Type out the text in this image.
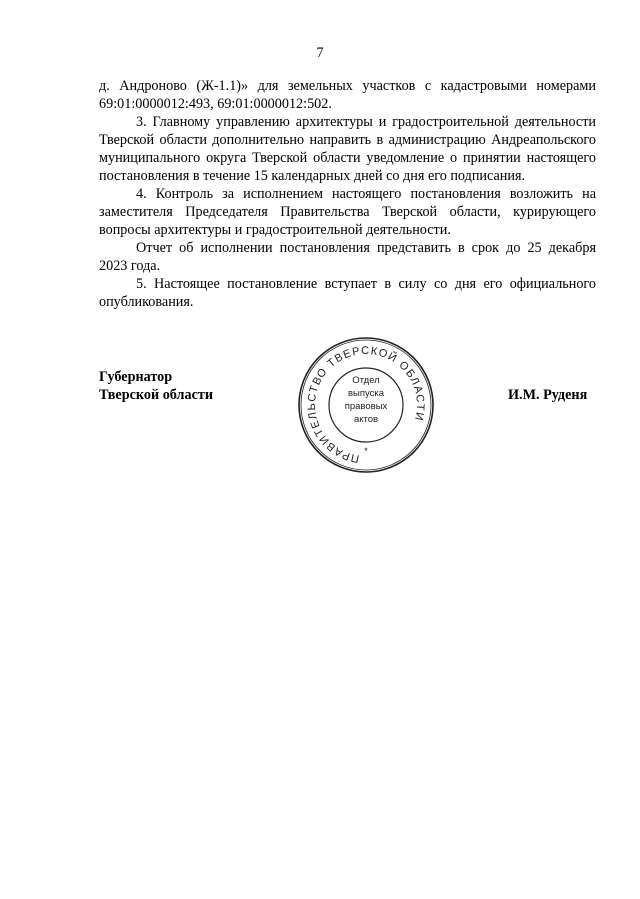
7

д. Андроново (Ж-1.1)» для земельных участков с кадастровыми номерами 69:01:0000012:493, 69:01:0000012:502.

3. Главному управлению архитектуры и градостроительной деятельности Тверской области дополнительно направить в администрацию Андреапольского муниципального округа Тверской области уведомление о принятии настоящего постановления в течение 15 календарных дней со дня его подписания.

4. Контроль за исполнением настоящего постановления возложить на заместителя Председателя Правительства Тверской области, курирующего вопросы архитектуры и градостроительной деятельности.

Отчет об исполнении постановления представить в срок до 25 декабря 2023 года.

5. Настоящее постановление вступает в силу со дня его официального опубликования.

Губернатор
Тверской области
ПРАВИТЕЛЬСТВО ТВЕРСКОЙ ОБЛАСТИ
Отдел
выпуска
правовых
актов
*
И.М. Руденя
